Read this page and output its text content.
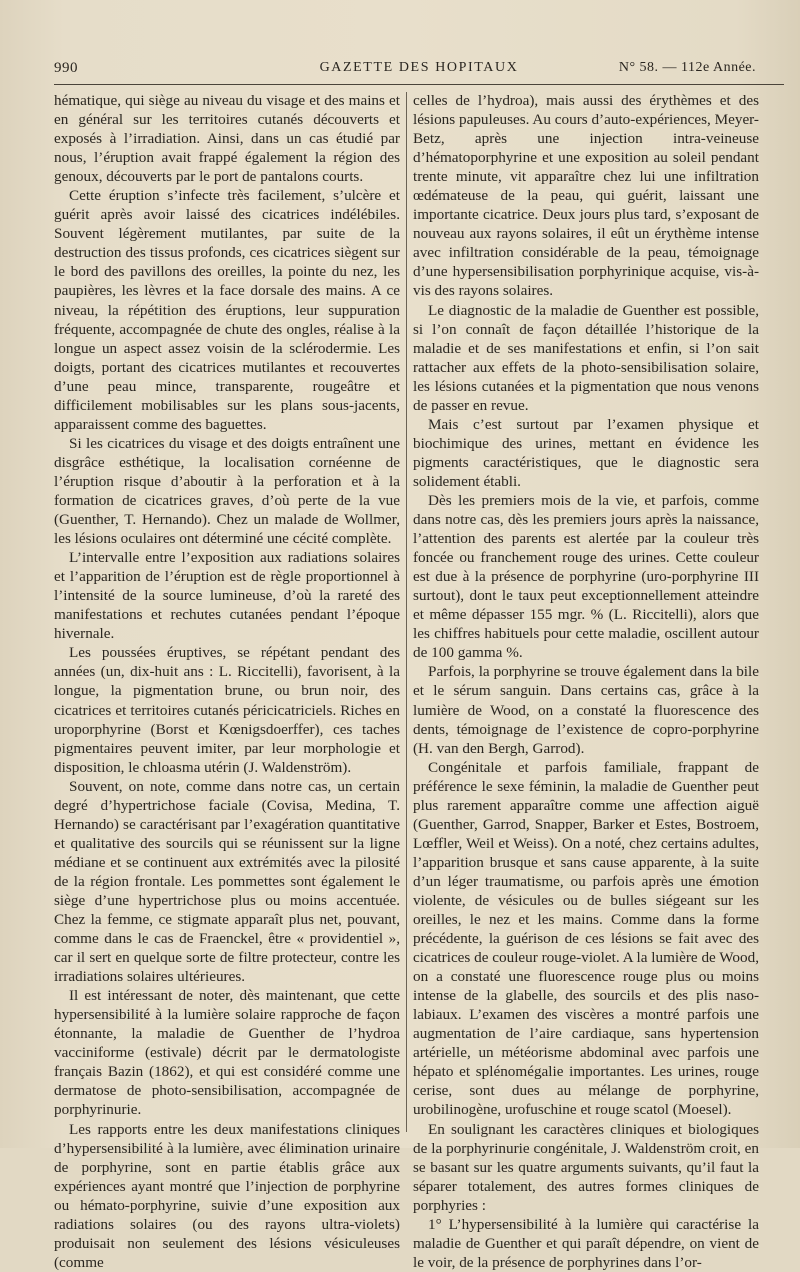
990	GAZETTE DES HOPITAUX	N° 58. — 112e Année.

hématique, qui siège au niveau du visage et des mains et en général sur les territoires cutanés découverts et exposés à l’irradiation. Ainsi, dans un cas étudié par nous, l’éruption avait frappé également la région des genoux, découverts par le port de pantalons courts.

Cette éruption s’infecte très facilement, s’ulcère et guérit après avoir laissé des cicatrices indélébiles. Souvent légèrement mutilantes, par suite de la destruction des tissus profonds, ces cicatrices siègent sur le bord des pavillons des oreilles, la pointe du nez, les paupières, les lèvres et la face dorsale des mains. A ce niveau, la répétition des éruptions, leur suppuration fréquente, accompagnée de chute des ongles, réalise à la longue un aspect assez voisin de la sclérodermie. Les doigts, portant des cicatrices mutilantes et recouvertes d’une peau mince, transparente, rougeâtre et difficilement mobilisables sur les plans sous-jacents, apparaissent comme des baguettes.

Si les cicatrices du visage et des doigts entraînent une disgrâce esthétique, la localisation cornéenne de l’éruption risque d’aboutir à la perforation et à la formation de cicatrices graves, d’où perte de la vue (Guenther, T. Hernando). Chez un malade de Wollmer, les lésions oculaires ont déterminé une cécité complète.

L’intervalle entre l’exposition aux radiations solaires et l’apparition de l’éruption est de règle proportionnel à l’intensité de la source lumineuse, d’où la rareté des manifestations et rechutes cutanées pendant l’époque hivernale.

Les poussées éruptives, se répétant pendant des années (un, dix-huit ans : L. Riccitelli), favorisent, à la longue, la pigmentation brune, ou brun noir, des cicatrices et territoires cutanés péricicatriciels. Riches en uroporphyrine (Borst et Kœnigsdoerffer), ces taches pigmentaires peuvent imiter, par leur morphologie et disposition, le chloasma utérin (J. Waldenström).

Souvent, on note, comme dans notre cas, un certain degré d’hypertrichose faciale (Covisa, Medina, T. Hernando) se caractérisant par l’exagération quantitative et qualitative des sourcils qui se réunissent sur la ligne médiane et se continuent aux extrémités avec la pilosité de la région frontale. Les pommettes sont également le siège d’une hypertrichose plus ou moins accentuée. Chez la femme, ce stigmate apparaît plus net, pouvant, comme dans le cas de Fraenckel, être « providentiel », car il sert en quelque sorte de filtre protecteur, contre les irradiations solaires ultérieures.

Il est intéressant de noter, dès maintenant, que cette hypersensibilité à la lumière solaire rapproche de façon étonnante, la maladie de Guenther de l’hydroa vacciniforme (estivale) décrit par le dermatologiste français Bazin (1862), et qui est considéré comme une dermatose de photo-sensibilisation, accompagnée de porphyrinurie.

Les rapports entre les deux manifestations cliniques d’hypersensibilité à la lumière, avec élimination urinaire de porphyrine, sont en partie établis grâce aux expériences ayant montré que l’injection de porphyrine ou hémato-porphyrine, suivie d’une exposition aux radiations solaires (ou des rayons ultra-violets) produisait non seulement des lésions vésiculeuses (comme

celles de l’hydroa), mais aussi des érythèmes et des lésions papuleuses. Au cours d’auto-expériences, Meyer-Betz, après une injection intra-veineuse d’hématoporphyrine et une exposition au soleil pendant trente minute, vit apparaître chez lui une infiltration œdémateuse de la peau, qui guérit, laissant une importante cicatrice. Deux jours plus tard, s’exposant de nouveau aux rayons solaires, il eût un érythème intense avec infiltration considérable de la peau, témoignage d’une hypersensibilisation porphyrinique acquise, vis-à-vis des rayons solaires.

Le diagnostic de la maladie de Guenther est possible, si l’on connaît de façon détaillée l’historique de la maladie et de ses manifestations et enfin, si l’on sait rattacher aux effets de la photo-sensibilisation solaire, les lésions cutanées et la pigmentation que nous venons de passer en revue.

Mais c’est surtout par l’examen physique et biochimique des urines, mettant en évidence les pigments caractéristiques, que le diagnostic sera solidement établi.

Dès les premiers mois de la vie, et parfois, comme dans notre cas, dès les premiers jours après la naissance, l’attention des parents est alertée par la couleur très foncée ou franchement rouge des urines. Cette couleur est due à la présence de porphyrine (uro-porphyrine III surtout), dont le taux peut exceptionnellement atteindre et même dépasser 155 mgr. % (L. Riccitelli), alors que les chiffres habituels pour cette maladie, oscillent autour de 100 gamma %.

Parfois, la porphyrine se trouve également dans la bile et le sérum sanguin. Dans certains cas, grâce à la lumière de Wood, on a constaté la fluorescence des dents, témoignage de l’existence de copro-porphyrine (H. van den Bergh, Garrod).

Congénitale et parfois familiale, frappant de préférence le sexe féminin, la maladie de Guenther peut plus rarement apparaître comme une affection aiguë (Guenther, Garrod, Snapper, Barker et Estes, Bostroem, Lœffler, Weil et Weiss). On a noté, chez certains adultes, l’apparition brusque et sans cause apparente, à la suite d’un léger traumatisme, ou parfois après une émotion violente, de vésicules ou de bulles siégeant sur les oreilles, le nez et les mains. Comme dans la forme précédente, la guérison de ces lésions se fait avec des cicatrices de couleur rouge-violet. A la lumière de Wood, on a constaté une fluorescence rouge plus ou moins intense de la glabelle, des sourcils et des plis naso-labiaux. L’examen des viscères a montré parfois une augmentation de l’aire cardiaque, sans hypertension artérielle, un météorisme abdominal avec parfois une hépato et splénomégalie importantes. Les urines, rouge cerise, sont dues au mélange de porphyrine, urobilinogène, urofuschine et rouge scatol (Moesel).

En soulignant les caractères cliniques et biologiques de la porphyrinurie congénitale, J. Waldenström croit, en se basant sur les quatre arguments suivants, qu’il faut la séparer totalement, des autres formes cliniques de porphyries :

1° L’hypersensibilité à la lumière qui caractérise la maladie de Guenther et qui paraît dépendre, on vient de le voir, de la présence de porphyrines dans l’or-
